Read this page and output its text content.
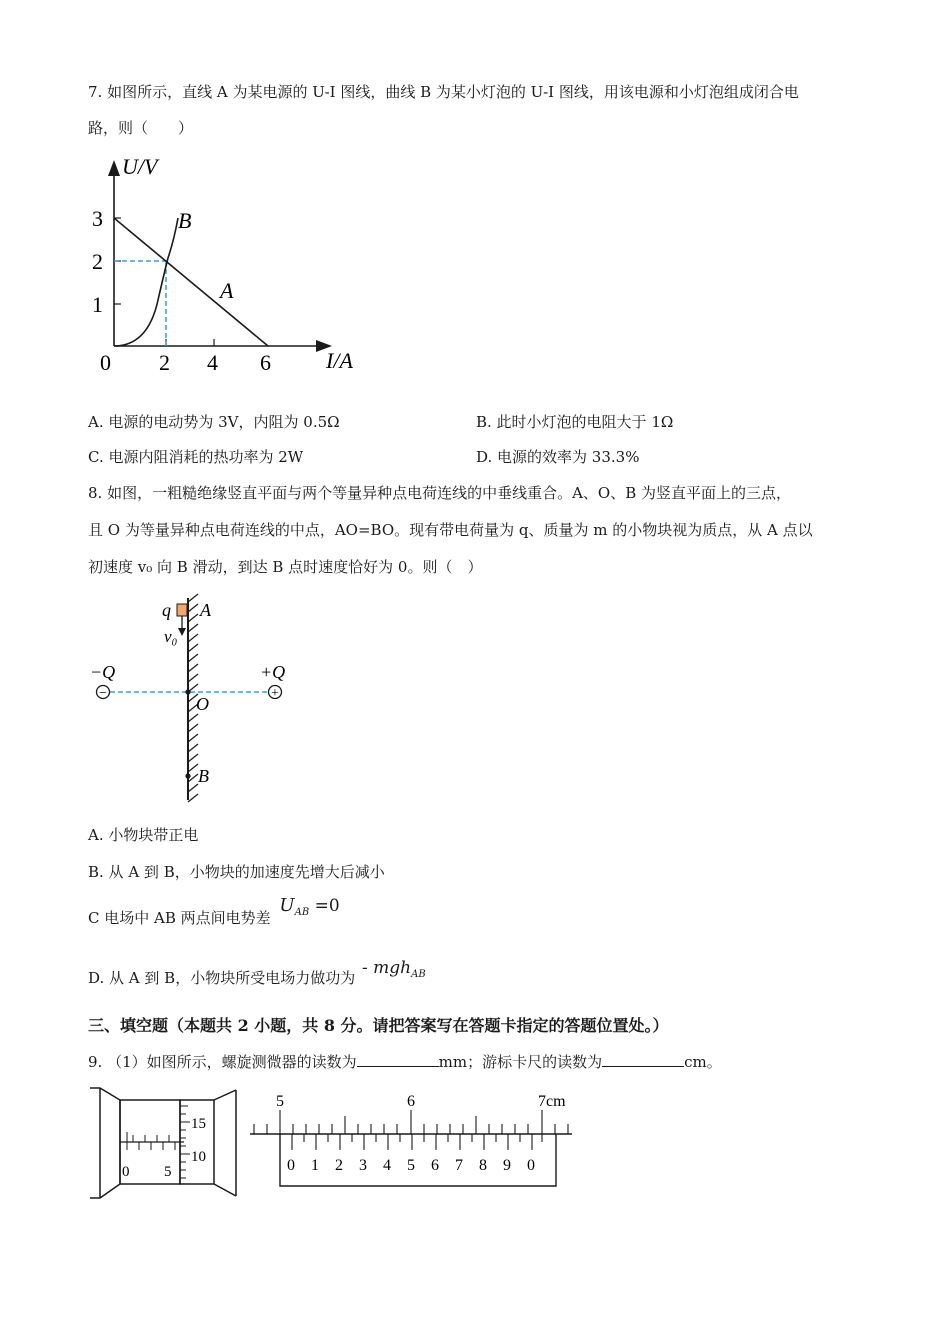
7. 如图所示，直线 A 为某电源的 U-I 图线，曲线 B 为某小灯泡的 U-I 图线，用该电源和小灯泡组成闭合电
路，则（　　）
U/V
I/A
3
2
1
0 2 4 6
B
A
A. 电源的电动势为 3V，内阻为 0.5Ω	B. 此时小灯泡的电阻大于 1Ω
C. 电源内阻消耗的热功率为 2W	D. 电源的效率为 33.3%
8. 如图，一粗糙绝缘竖直平面与两个等量异种点电荷连线的中垂线重合。A、O、B 为竖直平面上的三点，
且 O 为等量异种点电荷连线的中点，AO=BO。现有带电荷量为 q、质量为 m 的小物块视为质点，从 A 点以
初速度 v₀ 向 B 滑动，到达 B 点时速度恰好为 0。则（　）
−	+
q A
v₀
−Q	+Q
O
B
A. 小物块带正电
B. 从 A 到 B，小物块的加速度先增大后减小
C 电场中 AB 两点间电势差 $U_{AB} =0$
D. 从 A 到 B，小物块所受电场力做功为 - mgh$_{AB}$
三、填空题（本题共 2 小题，共 8 分。请把答案写在答题卡指定的答题位置处。）
9. （1）如图所示，螺旋测微器的读数为	mm；游标卡尺的读数为	cm。
15
10
0 5
5	6	7cm
0 1 2 3 4 5 6 7 8 9 0
